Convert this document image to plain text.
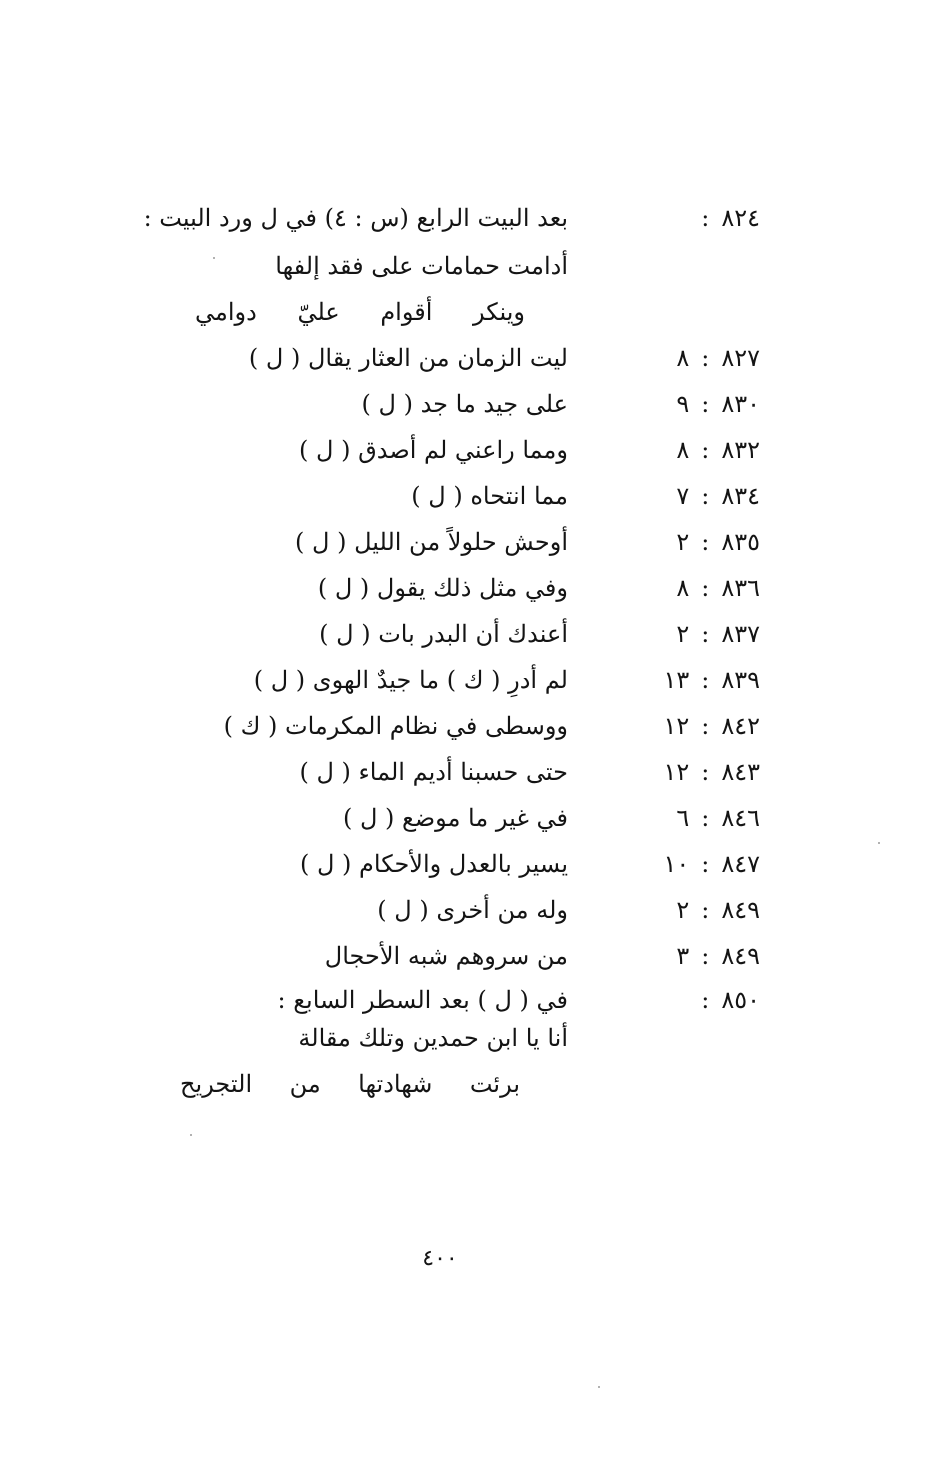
٨٢٤:
بعد البيت الرابع (س : ٤) في ل ورد البيت :
أدامت حمامات على فقد إلفها
وينكر
أقوام
عليّ
دوامي
٨٢٧:٨
ليت الزمان من العثار يقال ( ل )
٨٣٠:٩
على جيد ما جد ( ل )
٨٣٢:٨
ومما راعني لم أصدق ( ل )
٨٣٤:٧
مما انتحاه ( ل )
٨٣٥:٢
أوحش حلولاً من الليل ( ل )
٨٣٦:٨
وفي مثل ذلك يقول ( ل )
٨٣٧:٢
أعندك أن البدر بات ( ل )
٨٣٩:١٣
لم أدرِ ( ك ) ما جيدٌ الهوى ( ل )
٨٤٢:١٢
ووسطى في نظام المكرمات ( ك )
٨٤٣:١٢
حتى حسبنا أديم الماء ( ل )
٨٤٦:٦
في غير ما موضع ( ل )
٨٤٧:١٠
يسير بالعدل والأحكام ( ل )
٨٤٩:٢
وله من أخرى ( ل )
٨٤٩:٣
من سروهم شبه الأحجال
٨٥٠:
في ( ل ) بعد السطر السابع :
أنا يا ابن حمدين وتلك مقالة
برئت
شهادتها
من
التجريح
٤٠٠
